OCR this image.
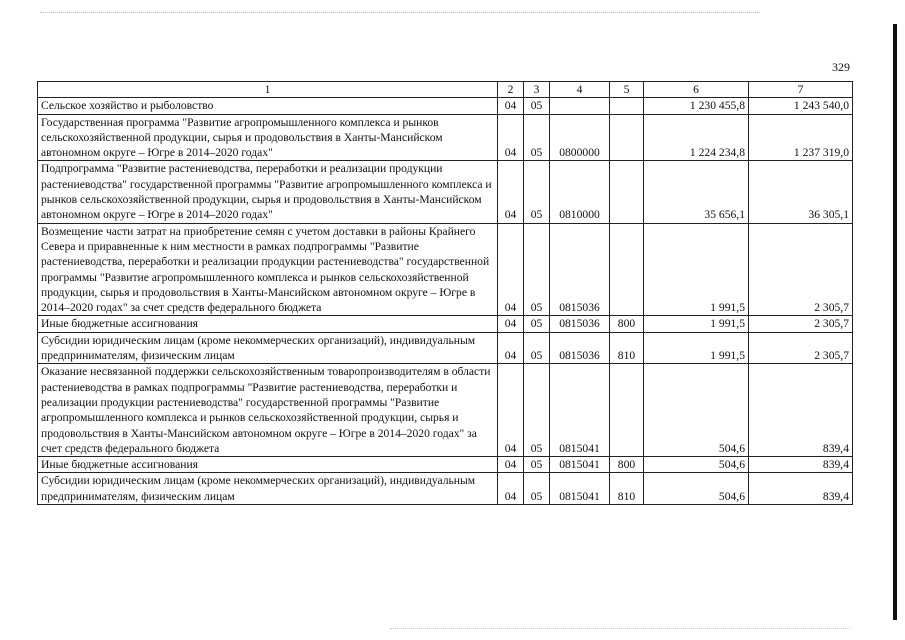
329
1	2	3	4	5	6	7
Сельское хозяйство и рыболовство	04	05			1 230 455,8	1 243 540,0
Государственная программа "Развитие агропромышленного комплекса и рынков сельскохозяйственной продукции, сырья и продовольствия в Ханты-Мансийском автономном округе – Югре в 2014–2020 годах"	04	05	0800000		1 224 234,8	1 237 319,0
Подпрограмма "Развитие растениеводства, переработки и реализации продукции растениеводства" государственной программы "Развитие агропромышленного комплекса и рынков сельскохозяйственной продукции, сырья и продовольствия в Ханты-Мансийском автономном округе – Югре в 2014–2020 годах"	04	05	0810000		35 656,1	36 305,1
Возмещение части затрат на приобретение семян с учетом доставки в районы Крайнего Севера и приравненные к ним местности в рамках подпрограммы "Развитие растениеводства, переработки и реализации продукции растениеводства" государственной программы "Развитие агропромышленного комплекса и рынков сельскохозяйственной продукции, сырья и продовольствия в Ханты-Мансийском автономном округе – Югре в 2014–2020 годах" за счет средств федерального бюджета	04	05	0815036		1 991,5	2 305,7
Иные бюджетные ассигнования	04	05	0815036	800	1 991,5	2 305,7
Субсидии юридическим лицам (кроме некоммерческих организаций), индивидуальным предпринимателям, физическим лицам	04	05	0815036	810	1 991,5	2 305,7
Оказание несвязанной поддержки сельскохозяйственным товаропроизводителям в области растениеводства в рамках подпрограммы "Развитие растениеводства, переработки и реализации продукции растениеводства" государственной программы "Развитие агропромышленного комплекса и рынков сельскохозяйственной продукции, сырья и продовольствия в Ханты-Мансийском автономном округе – Югре в 2014–2020 годах" за счет средств федерального бюджета	04	05	0815041		504,6	839,4
Иные бюджетные ассигнования	04	05	0815041	800	504,6	839,4
Субсидии юридическим лицам (кроме некоммерческих организаций), индивидуальным предпринимателям, физическим лицам	04	05	0815041	810	504,6	839,4
